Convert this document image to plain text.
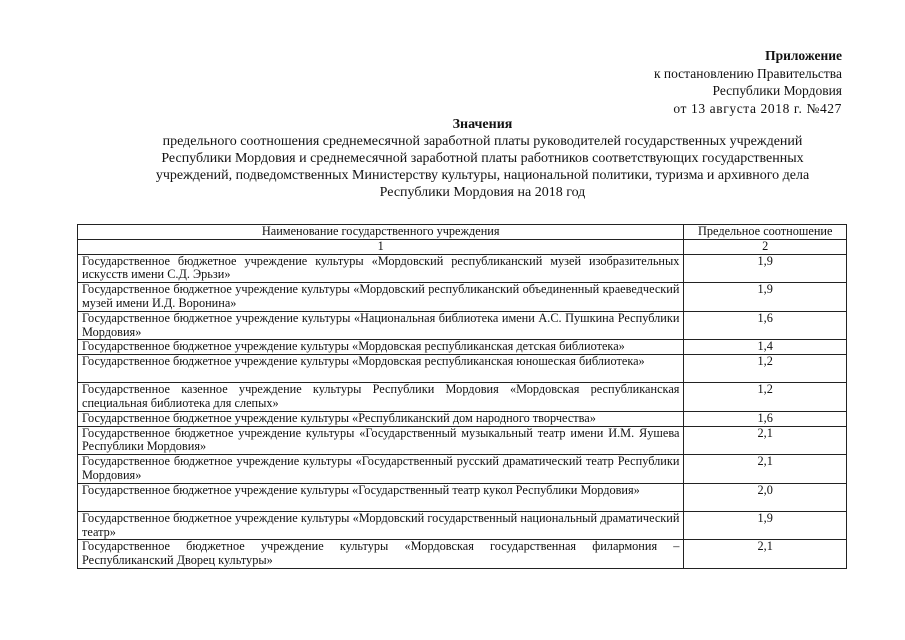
Приложение
к постановлению Правительства
Республики Мордовия
от 13 августа 2018 г. №427
Значения
предельного соотношения среднемесячной заработной платы руководителей государственных учреждений
Республики Мордовия и среднемесячной заработной платы работников соответствующих государственных
учреждений, подведомственных Министерству культуры, национальной политики, туризма и архивного дела
Республики Мордовия на 2018 год
Наименование государственного учреждения	Предельное соотношение
1	2
Государственное бюджетное учреждение культуры «Мордовский республиканский музей изобразительных искусств имени С.Д. Эрьзи»	1,9
Государственное бюджетное учреждение культуры «Мордовский республиканский объединенный краеведческий музей имени И.Д. Воронина»	1,9
Государственное бюджетное учреждение культуры «Национальная библиотека имени А.С. Пушкина Республики Мордовия»	1,6
Государственное бюджетное учреждение культуры «Мордовская республиканская детская библиотека»	1,4
Государственное бюджетное учреждение культуры «Мордовская республиканская юношеская библиотека»	1,2
Государственное казенное учреждение культуры Республики Мордовия «Мордовская республиканская специальная библиотека для слепых»	1,2
Государственное бюджетное учреждение культуры «Республиканский дом народного творчества»	1,6
Государственное бюджетное учреждение культуры «Государственный музыкальный театр имени И.М. Яушева Республики Мордовия»	2,1
Государственное бюджетное учреждение культуры «Государственный русский драматический театр Республики Мордовия»	2,1
Государственное бюджетное учреждение культуры «Государственный театр кукол Республики Мордовия»	2,0
Государственное бюджетное учреждение культуры «Мордовский государственный национальный драматический театр»	1,9
Государственное бюджетное учреждение культуры «Мордовская государственная филармония – Республиканский Дворец культуры»	2,1
